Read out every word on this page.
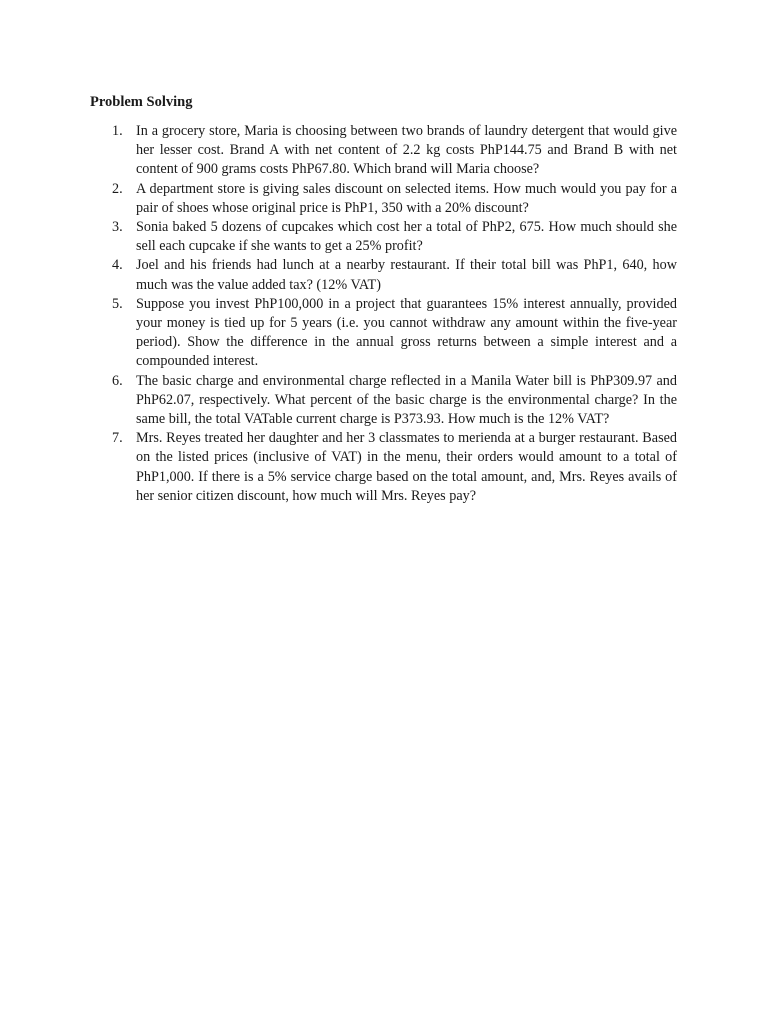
Problem Solving
1. In a grocery store, Maria is choosing between two brands of laundry detergent that would give her lesser cost. Brand A with net content of 2.2 kg costs PhP144.75 and Brand B with net content of 900 grams costs PhP67.80. Which brand will Maria choose?
2. A department store is giving sales discount on selected items. How much would you pay for a pair of shoes whose original price is PhP1, 350 with a 20% discount?
3. Sonia baked 5 dozens of cupcakes which cost her a total of PhP2, 675. How much should she sell each cupcake if she wants to get a 25% profit?
4. Joel and his friends had lunch at a nearby restaurant. If their total bill was PhP1, 640, how much was the value added tax? (12% VAT)
5. Suppose you invest PhP100,000 in a project that guarantees 15% interest annually, provided your money is tied up for 5 years (i.e. you cannot withdraw any amount within the five-year period). Show the difference in the annual gross returns between a simple interest and a compounded interest.
6. The basic charge and environmental charge reflected in a Manila Water bill is PhP309.97 and PhP62.07, respectively. What percent of the basic charge is the environmental charge? In the same bill, the total VATable current charge is P373.93. How much is the 12% VAT?
7. Mrs. Reyes treated her daughter and her 3 classmates to merienda at a burger restaurant. Based on the listed prices (inclusive of VAT) in the menu, their orders would amount to a total of PhP1,000. If there is a 5% service charge based on the total amount, and, Mrs. Reyes avails of her senior citizen discount, how much will Mrs. Reyes pay?
